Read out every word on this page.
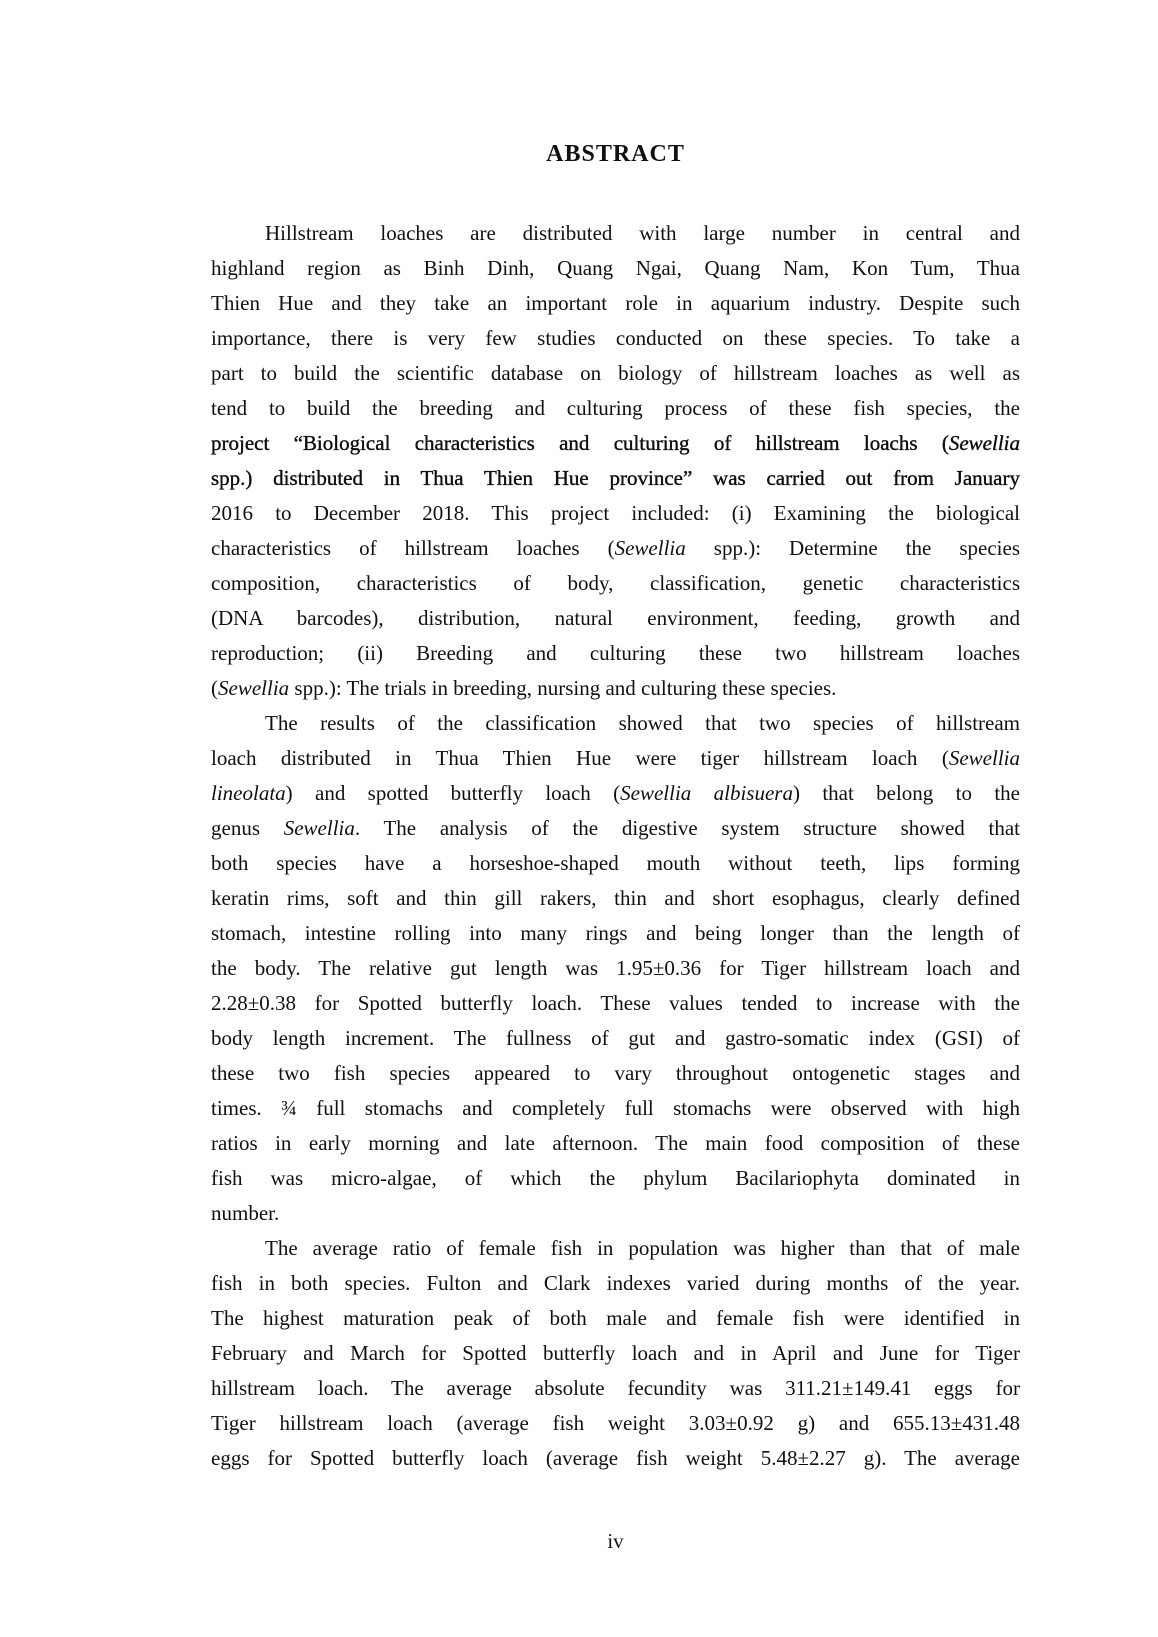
ABSTRACT
Hillstream loaches are distributed with large number in central and
highland region as Binh Dinh, Quang Ngai, Quang Nam, Kon Tum, Thua
Thien Hue and they take an important role in aquarium industry. Despite such
importance, there is very few studies conducted on these species. To take a
part to build the scientific database on biology of hillstream loaches as well as
tend to build the breeding and culturing process of these fish species, the
project “Biological characteristics and culturing of hillstream loachs (Sewellia
spp.) distributed in Thua Thien Hue province” was carried out from January
2016 to December 2018. This project included: (i) Examining the biological
characteristics of hillstream loaches (Sewellia spp.): Determine the species
composition, characteristics of body, classification, genetic characteristics
(DNA barcodes), distribution, natural environment, feeding, growth and
reproduction; (ii) Breeding and culturing these two hillstream loaches
(Sewellia spp.): The trials in breeding, nursing and culturing these species.
The results of the classification showed that two species of hillstream
loach distributed in Thua Thien Hue were tiger hillstream loach (Sewellia
lineolata) and spotted butterfly loach (Sewellia albisuera) that belong to the
genus Sewellia. The analysis of the digestive system structure showed that
both species have a horseshoe-shaped mouth without teeth, lips forming
keratin rims, soft and thin gill rakers, thin and short esophagus, clearly defined
stomach, intestine rolling into many rings and being longer than the length of
the body. The relative gut length was 1.95±0.36 for Tiger hillstream loach and
2.28±0.38 for Spotted butterfly loach. These values tended to increase with the
body length increment. The fullness of gut and gastro-somatic index (GSI) of
these two fish species appeared to vary throughout ontogenetic stages and
times. ¾ full stomachs and completely full stomachs were observed with high
ratios in early morning and late afternoon. The main food composition of these
fish was micro-algae, of which the phylum Bacilariophyta dominated in
number.
The average ratio of female fish in population was higher than that of male
fish in both species. Fulton and Clark indexes varied during months of the year.
The highest maturation peak of both male and female fish were identified in
February and March for Spotted butterfly loach and in April and June for Tiger
hillstream loach. The average absolute fecundity was 311.21±149.41 eggs for
Tiger hillstream loach (average fish weight 3.03±0.92 g) and 655.13±431.48
eggs for Spotted butterfly loach (average fish weight 5.48±2.27 g). The average
iv
